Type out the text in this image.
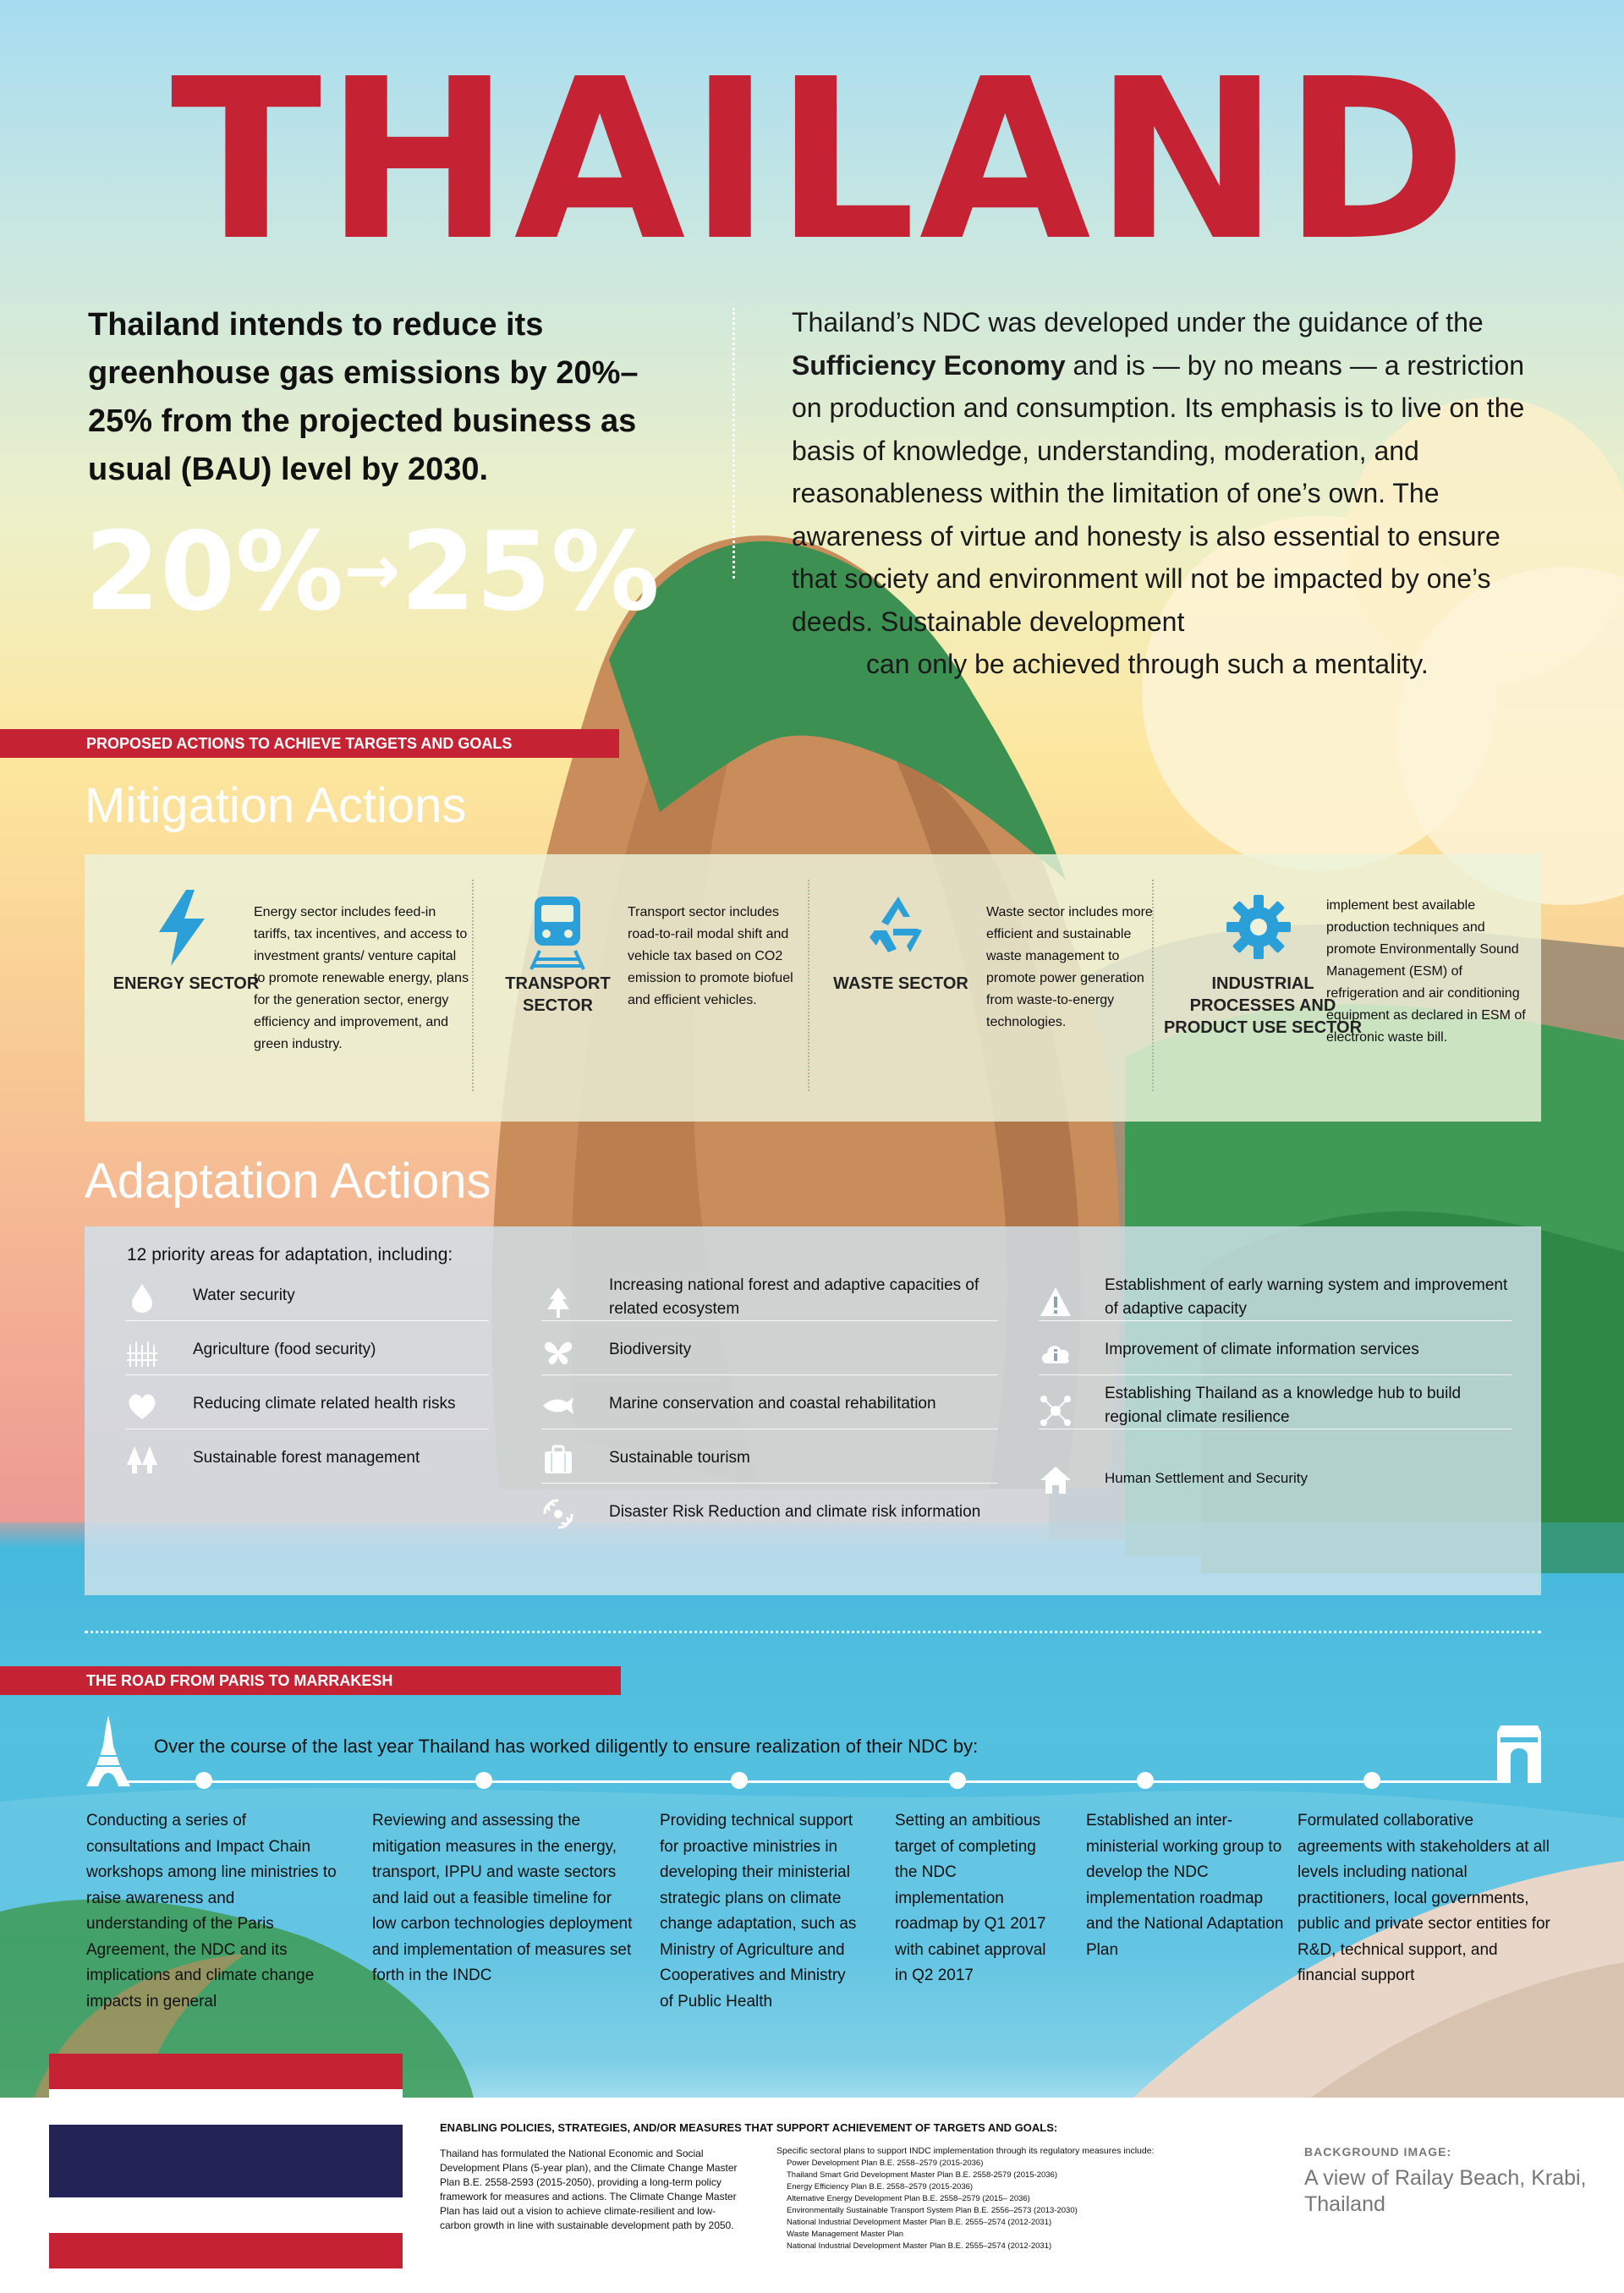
THAILAND
Thailand intends to reduce its greenhouse gas emissions by 20%–25% from the projected business as usual (BAU) level by 2030.
20%→25%
Thailand’s NDC was developed under the guidance of the Sufficiency Economy and is — by no means — a restriction on production and consumption. Its emphasis is to live on the basis of knowledge, understanding, moderation, and reasonableness within the limitation of one’s own. The awareness of virtue and honesty is also essential to ensure that society and environment will not be impacted by one’s deeds. Sustainable development
can only be achieved through such a mentality.
PROPOSED ACTIONS TO ACHIEVE TARGETS AND GOALS
Mitigation Actions
ENERGY SECTOR
Energy sector includes feed-in tariffs, tax incentives, and access to investment grants/ venture capital to promote renewable energy, plans for the generation sector, energy efficiency and improvement, and green industry.
TRANSPORT SECTOR
Transport sector includes road-to-rail modal shift and vehicle tax based on CO2 emission to promote biofuel and efficient vehicles.
WASTE SECTOR
Waste sector includes more efficient and sustainable waste management to promote power generation from waste-to-energy technologies.
INDUSTRIAL PROCESSES AND PRODUCT USE SECTOR
implement best available production techniques and promote Environmentally Sound Management (ESM) of refrigeration and air conditioning equipment as declared in ESM of electronic waste bill.
Adaptation Actions
12 priority areas for adaptation, including:
Water security
Agriculture (food security)
Reducing climate related health risks
Sustainable forest management
Increasing national forest and adaptive capacities of related ecosystem
Biodiversity
Marine conservation and coastal rehabilitation
Sustainable tourism
Disaster Risk Reduction and climate risk information
Establishment of early warning system and improvement of adaptive capacity
Improvement of climate information services
Establishing Thailand as a knowledge hub to build regional climate resilience
Human Settlement and Security
THE ROAD FROM PARIS TO MARRAKESH
Over the course of the last year Thailand has worked diligently to ensure realization of their NDC by:
Conducting a series of consultations and Impact Chain workshops among line ministries to raise awareness and understanding of the Paris Agreement, the NDC and its implications and climate change impacts in general
Reviewing and assessing the mitigation measures in the energy, transport, IPPU and waste sectors and laid out a feasible timeline for low carbon technologies deployment and implementation of measures set forth in the INDC
Providing technical support for proactive ministries in developing their ministerial strategic plans on climate change adaptation, such as Ministry of Agriculture and Cooperatives and Ministry of Public Health
Setting an ambitious target of completing the NDC implementation roadmap by Q1 2017 with cabinet approval in Q2 2017
Established an inter-ministerial working group to develop the NDC implementation roadmap and the National Adaptation Plan
Formulated collaborative agreements with stakeholders at all levels including national practitioners, local governments, public and private sector entities for R&D, technical support, and financial support
ENABLING POLICIES, STRATEGIES, AND/OR MEASURES THAT SUPPORT ACHIEVEMENT OF TARGETS AND GOALS:
Thailand has formulated the National Economic and Social Development Plans (5-year plan), and the Climate Change Master Plan B.E. 2558-2593 (2015-2050), providing a long-term policy framework for measures and actions. The Climate Change Master Plan has laid out a vision to achieve climate-resilient and low-carbon growth in line with sustainable development path by 2050.
Specific sectoral plans to support INDC implementation through its regulatory measures include:
Power Development Plan B.E. 2558–2579 (2015-2036)
Thailand Smart Grid Development Master Plan B.E. 2558-2579 (2015-2036)
Energy Efficiency Plan B.E. 2558–2579 (2015-2036)
Alternative Energy Development Plan B.E. 2558–2579 (2015– 2036)
Environmentally Sustainable Transport System Plan B.E. 2556–2573 (2013-2030)
National Industrial Development Master Plan B.E. 2555–2574 (2012-2031)
Waste Management Master Plan
National Industrial Development Master Plan B.E. 2555–2574 (2012-2031)
BACKGROUND IMAGE:
A view of Railay Beach, Krabi, Thailand
